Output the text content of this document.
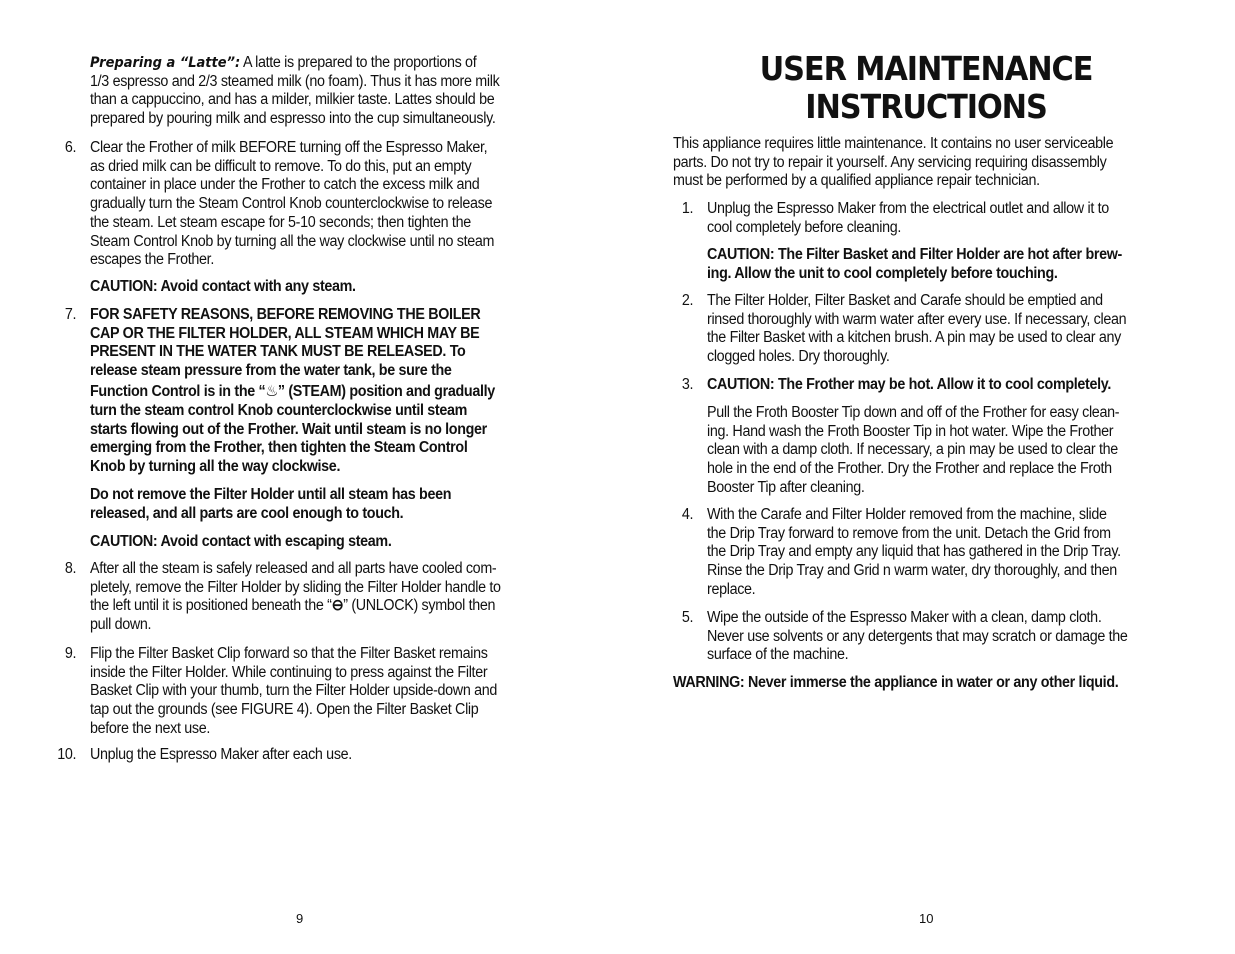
Preparing a “Latte”: A latte is prepared to the proportions of

1/3 espresso and 2/3 steamed milk (no foam). Thus it has more milk

than a cappuccino, and has a milder, milkier taste. Lattes should be

prepared by pouring milk and espresso into the cup simultaneously.

6. Clear the Frother of milk BEFORE turning off the Espresso Maker,

as dried milk can be difficult to remove. To do this, put an empty

container in place under the Frother to catch the excess milk and

gradually turn the Steam Control Knob counterclockwise to release

the steam. Let steam escape for 5-10 seconds; then tighten the

Steam Control Knob by turning all the way clockwise until no steam

escapes the Frother.

CAUTION: Avoid contact with any steam.
7. FOR SAFETY REASONS, BEFORE REMOVING THE BOILER

CAP OR THE FILTER HOLDER, ALL STEAM WHICH MAY BE

PRESENT IN THE WATER TANK MUST BE RELEASED. To

release steam pressure from the water tank, be sure the

Function Control is in the “♨” (STEAM) position and gradually

turn the steam control Knob counterclockwise until steam

starts flowing out of the Frother. Wait until steam is no longer

emerging from the Frother, then tighten the Steam Control

Knob by turning all the way clockwise.

Do not remove the Filter Holder until all steam has been

released, and all parts are cool enough to touch.

CAUTION: Avoid contact with escaping steam.
8. After all the steam is safely released and all parts have cooled com-

pletely, remove the Filter Holder by sliding the Filter Holder handle to

the left until it is positioned beneath the “⊖” (UNLOCK) symbol then

pull down.

9. Flip the Filter Basket Clip forward so that the Filter Basket remains

inside the Filter Holder. While continuing to press against the Filter

Basket Clip with your thumb, turn the Filter Holder upside-down and

tap out the grounds (see FIGURE 4). Open the Filter Basket Clip

before the next use.

10. Unplug the Espresso Maker after each use.
9
USER MAINTENANCE
INSTRUCTIONS

This appliance requires little maintenance. It contains no user serviceable

parts. Do not try to repair it yourself. Any servicing requiring disassembly

must be performed by a qualified appliance repair technician.

1. Unplug the Espresso Maker from the electrical outlet and allow it to

cool completely before cleaning.

CAUTION: The Filter Basket and Filter Holder are hot after brew-

ing. Allow the unit to cool completely before touching.

2. The Filter Holder, Filter Basket and Carafe should be emptied and

rinsed thoroughly with warm water after every use. If necessary, clean

the Filter Basket with a kitchen brush. A pin may be used to clear any

clogged holes. Dry thoroughly.

3. CAUTION: The Frother may be hot. Allow it to cool completely.

Pull the Froth Booster Tip down and off of the Frother for easy clean-

ing. Hand wash the Froth Booster Tip in hot water. Wipe the Frother

clean with a damp cloth. If necessary, a pin may be used to clear the

hole in the end of the Frother. Dry the Frother and replace the Froth

Booster Tip after cleaning.

4. With the Carafe and Filter Holder removed from the machine, slide

the Drip Tray forward to remove from the unit. Detach the Grid from

the Drip Tray and empty any liquid that has gathered in the Drip Tray.

Rinse the Drip Tray and Grid n warm water, dry thoroughly, and then

replace.

5. Wipe the outside of the Espresso Maker with a clean, damp cloth.

Never use solvents or any detergents that may scratch or damage the

surface of the machine.

WARNING: Never immerse the appliance in water or any other liquid.
10
